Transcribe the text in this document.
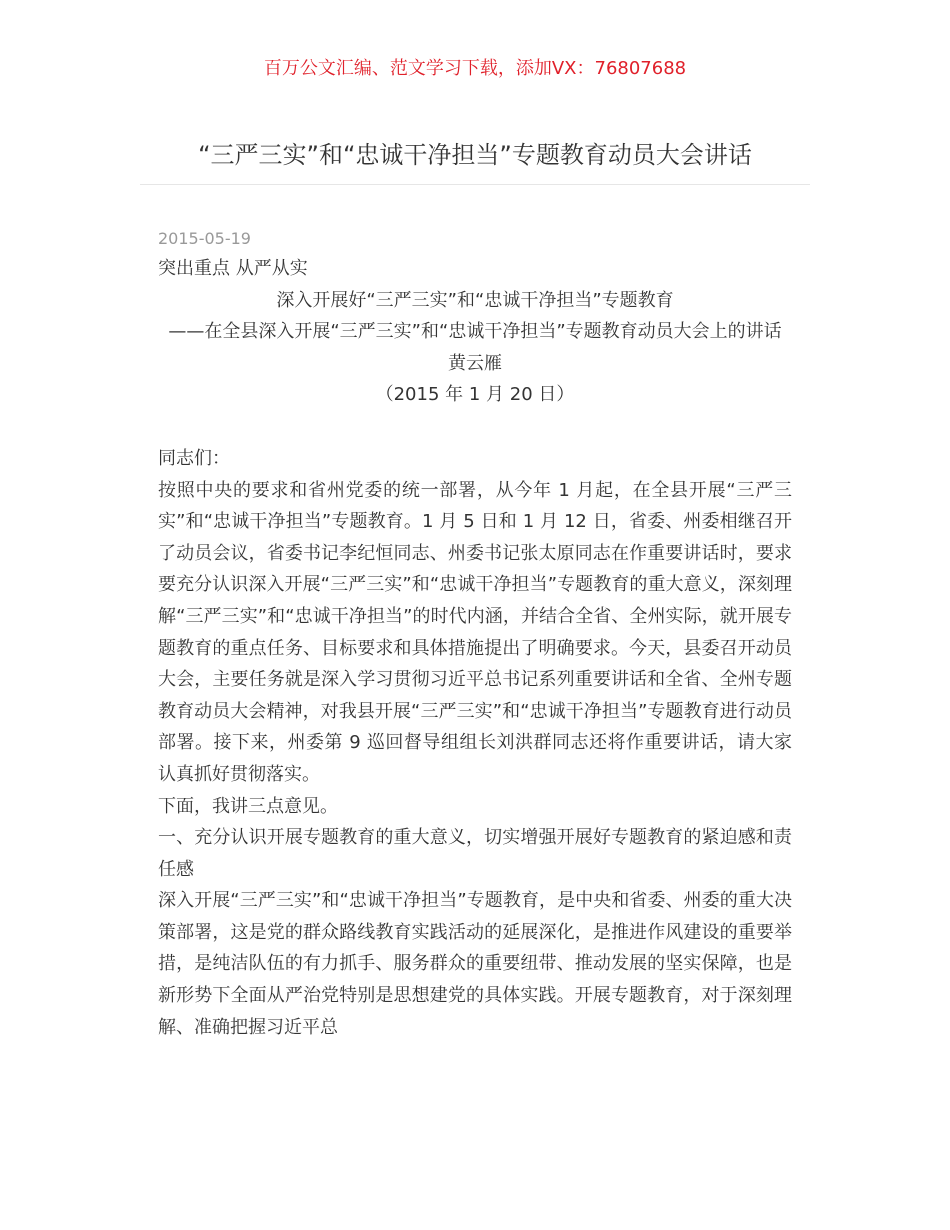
百万公文汇编、范文学习下载，添加VX：76807688
“三严三实”和“忠诚干净担当”专题教育动员大会讲话
2015-05-19

突出重点 从严从实

深入开展好“三严三实”和“忠诚干净担当”专题教育

——在全县深入开展“三严三实”和“忠诚干净担当”专题教育动员大会上的讲话

黄云雁

（2015 年 1 月 20 日）

同志们：

按照中央的要求和省州党委的统一部署，从今年 1 月起，在全县开展“三严三实”和“忠诚干净担当”专题教育。1 月 5 日和 1 月 12 日，省委、州委相继召开了动员会议，省委书记李纪恒同志、州委书记张太原同志在作重要讲话时，要求要充分认识深入开展“三严三实”和“忠诚干净担当”专题教育的重大意义，深刻理解“三严三实”和“忠诚干净担当”的时代内涵，并结合全省、全州实际，就开展专题教育的重点任务、目标要求和具体措施提出了明确要求。今天，县委召开动员大会，主要任务就是深入学习贯彻习近平总书记系列重要讲话和全省、全州专题教育动员大会精神，对我县开展“三严三实”和“忠诚干净担当”专题教育进行动员部署。接下来，州委第 9 巡回督导组组长刘洪群同志还将作重要讲话，请大家认真抓好贯彻落实。

下面，我讲三点意见。

一、充分认识开展专题教育的重大意义，切实增强开展好专题教育的紧迫感和责任感

深入开展“三严三实”和“忠诚干净担当”专题教育，是中央和省委、州委的重大决策部署，这是党的群众路线教育实践活动的延展深化，是推进作风建设的重要举措，是纯洁队伍的有力抓手、服务群众的重要纽带、推动发展的坚实保障，也是新形势下全面从严治党特别是思想建党的具体实践。开展专题教育，对于深刻理解、准确把握习近平总
